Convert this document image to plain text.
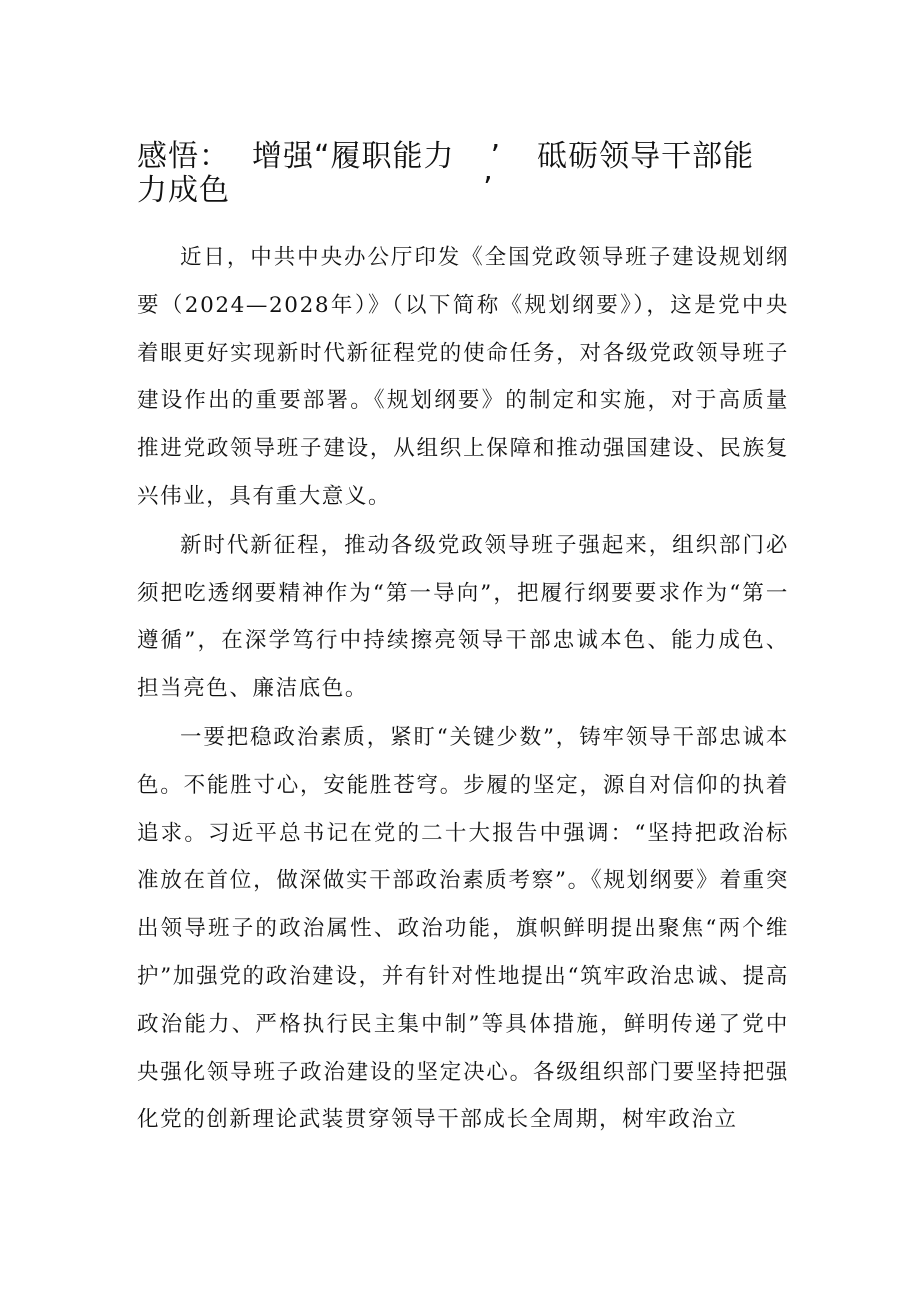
感悟： 增强“履职能力 ’ 砥砺领导干部能
力成色	’

近日，中共中央办公厅印发《全国党政领导班子建设规划纲要（2024—2028年）》（以下简称《规划纲要》），这是党中央着眼更好实现新时代新征程党的使命任务，对各级党政领导班子建设作出的重要部署。《规划纲要》的制定和实施，对于高质量推进党政领导班子建设，从组织上保障和推动强国建设、民族复兴伟业，具有重大意义。

新时代新征程，推动各级党政领导班子强起来，组织部门必须把吃透纲要精神作为“第一导向”，把履行纲要要求作为“第一遵循”，在深学笃行中持续擦亮领导干部忠诚本色、能力成色、担当亮色、廉洁底色。

一要把稳政治素质，紧盯“关键少数”，铸牢领导干部忠诚本色。不能胜寸心，安能胜苍穹。步履的坚定，源自对信仰的执着追求。习近平总书记在党的二十大报告中强调：“坚持把政治标准放在首位，做深做实干部政治素质考察”。《规划纲要》着重突出领导班子的政治属性、政治功能，旗帜鲜明提出聚焦“两个维护”加强党的政治建设，并有针对性地提出“筑牢政治忠诚、提高政治能力、严格执行民主集中制”等具体措施，鲜明传递了党中央强化领导班子政治建设的坚定决心。各级组织部门要坚持把强化党的创新理论武装贯穿领导干部成长全周期，树牢政治立
